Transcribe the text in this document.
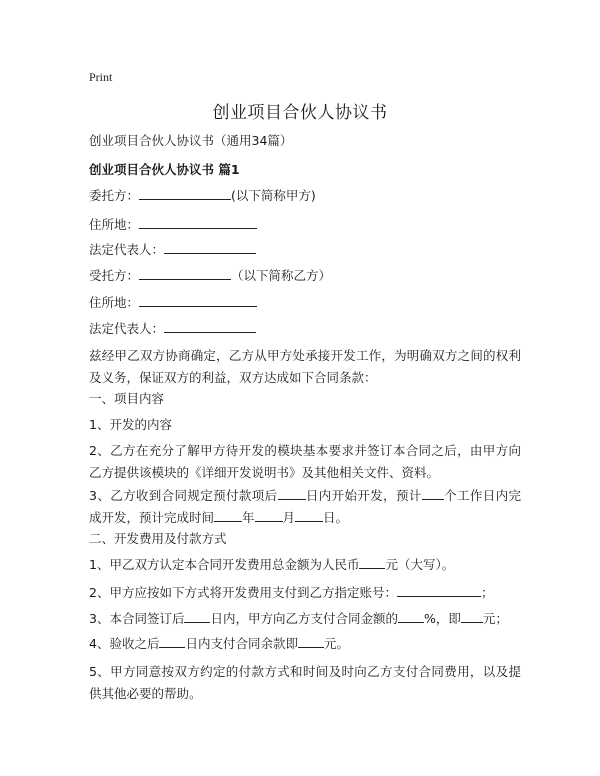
Print
创业项目合伙人协议书

创业项目合伙人协议书（通用34篇）

创业项目合伙人协议书 篇1

委托方：	(以下简称甲方)

住所地：

法定代表人：

受托方：	（以下简称乙方）

住所地：

法定代表人：

兹经甲乙双方协商确定，乙方从甲方处承接开发工作，为明确双方之间的权利及义务，保证双方的利益，双方达成如下合同条款：

一、项目内容

1、开发的内容

2、乙方在充分了解甲方待开发的模块基本要求并签订本合同之后，由甲方向乙方提供该模块的《详细开发说明书》及其他相关文件、资料。

3、乙方收到合同规定预付款项后 日内开始开发，预计 个工作日内完成开发，预计完成时间 年 月 日。

二、开发费用及付款方式

1、甲乙双方认定本合同开发费用总金额为人民币 元（大写）。

2、甲方应按如下方式将开发费用支付到乙方指定账号：	；

3、本合同签订后 日内，甲方向乙方支付合同金额的 %，即 元；

4、验收之后 日内支付合同余款即 元。

5、甲方同意按双方约定的付款方式和时间及时向乙方支付合同费用，以及提供其他必要的帮助。
